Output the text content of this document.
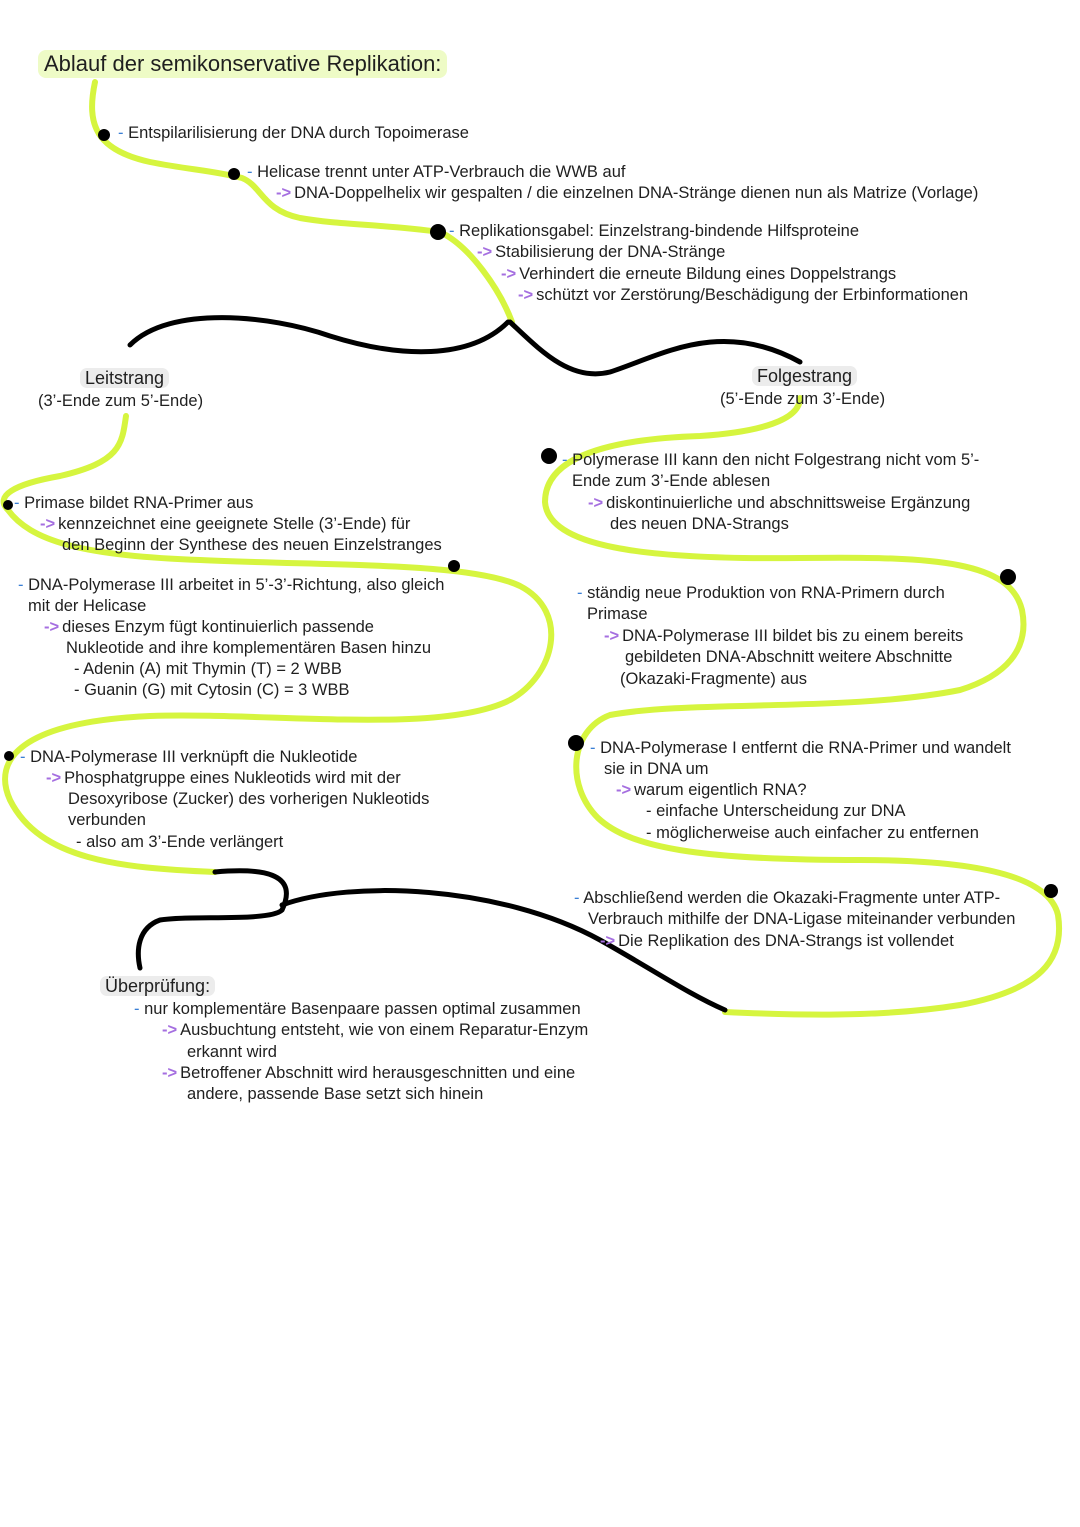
Ablauf der semikonservative Replikation:
- Entspilarilisierung der DNA durch Topoimerase
- Helicase trennt unter ATP-Verbrauch die WWB auf
-> DNA-Doppelhelix wir gespalten / die einzelnen DNA-Stränge dienen nun als Matrize (Vorlage)
- Replikationsgabel: Einzelstrang-bindende Hilfsproteine
-> Stabilisierung der DNA-Stränge
-> Verhindert die erneute Bildung eines Doppelstrangs
-> schützt vor Zerstörung/Beschädigung der Erbinformationen
Leitstrang
(3’-Ende zum 5’-Ende)
- Primase bildet RNA-Primer aus
-> kennzeichnet eine geeignete Stelle (3’-Ende) für
den Beginn der Synthese des neuen Einzelstranges
- DNA-Polymerase III arbeitet in 5’-3’-Richtung, also gleich
mit der Helicase
-> dieses Enzym fügt kontinuierlich passende
Nukleotide and ihre komplementären Basen hinzu
- Adenin (A) mit Thymin (T) = 2 WBB
- Guanin (G) mit Cytosin (C) = 3 WBB
- DNA-Polymerase III verknüpft die Nukleotide
-> Phosphatgruppe eines Nukleotids wird mit der
Desoxyribose (Zucker) des vorherigen Nukleotids
verbunden
- also am 3’-Ende verlängert
Folgestrang
(5’-Ende zum 3’-Ende)
- Polymerase III kann den nicht Folgestrang nicht vom 5’-
Ende zum 3’-Ende ablesen
-> diskontinuierliche und abschnittsweise Ergänzung
des neuen DNA-Strangs
- ständig neue Produktion von RNA-Primern durch
Primase
-> DNA-Polymerase III bildet bis zu einem bereits
gebildeten DNA-Abschnitt weitere Abschnitte
(Okazaki-Fragmente) aus
- DNA-Polymerase I entfernt die RNA-Primer und wandelt
sie in DNA um
-> warum eigentlich RNA?
- einfache Unterscheidung zur DNA
- möglicherweise auch einfacher zu entfernen
- Abschließend werden die Okazaki-Fragmente unter ATP-
Verbrauch mithilfe der DNA-Ligase miteinander verbunden
-> Die Replikation des DNA-Strangs ist vollendet
Überprüfung:
- nur komplementäre Basenpaare passen optimal zusammen
-> Ausbuchtung entsteht, wie von einem Reparatur-Enzym
erkannt wird
-> Betroffener Abschnitt wird herausgeschnitten und eine
andere, passende Base setzt sich hinein
